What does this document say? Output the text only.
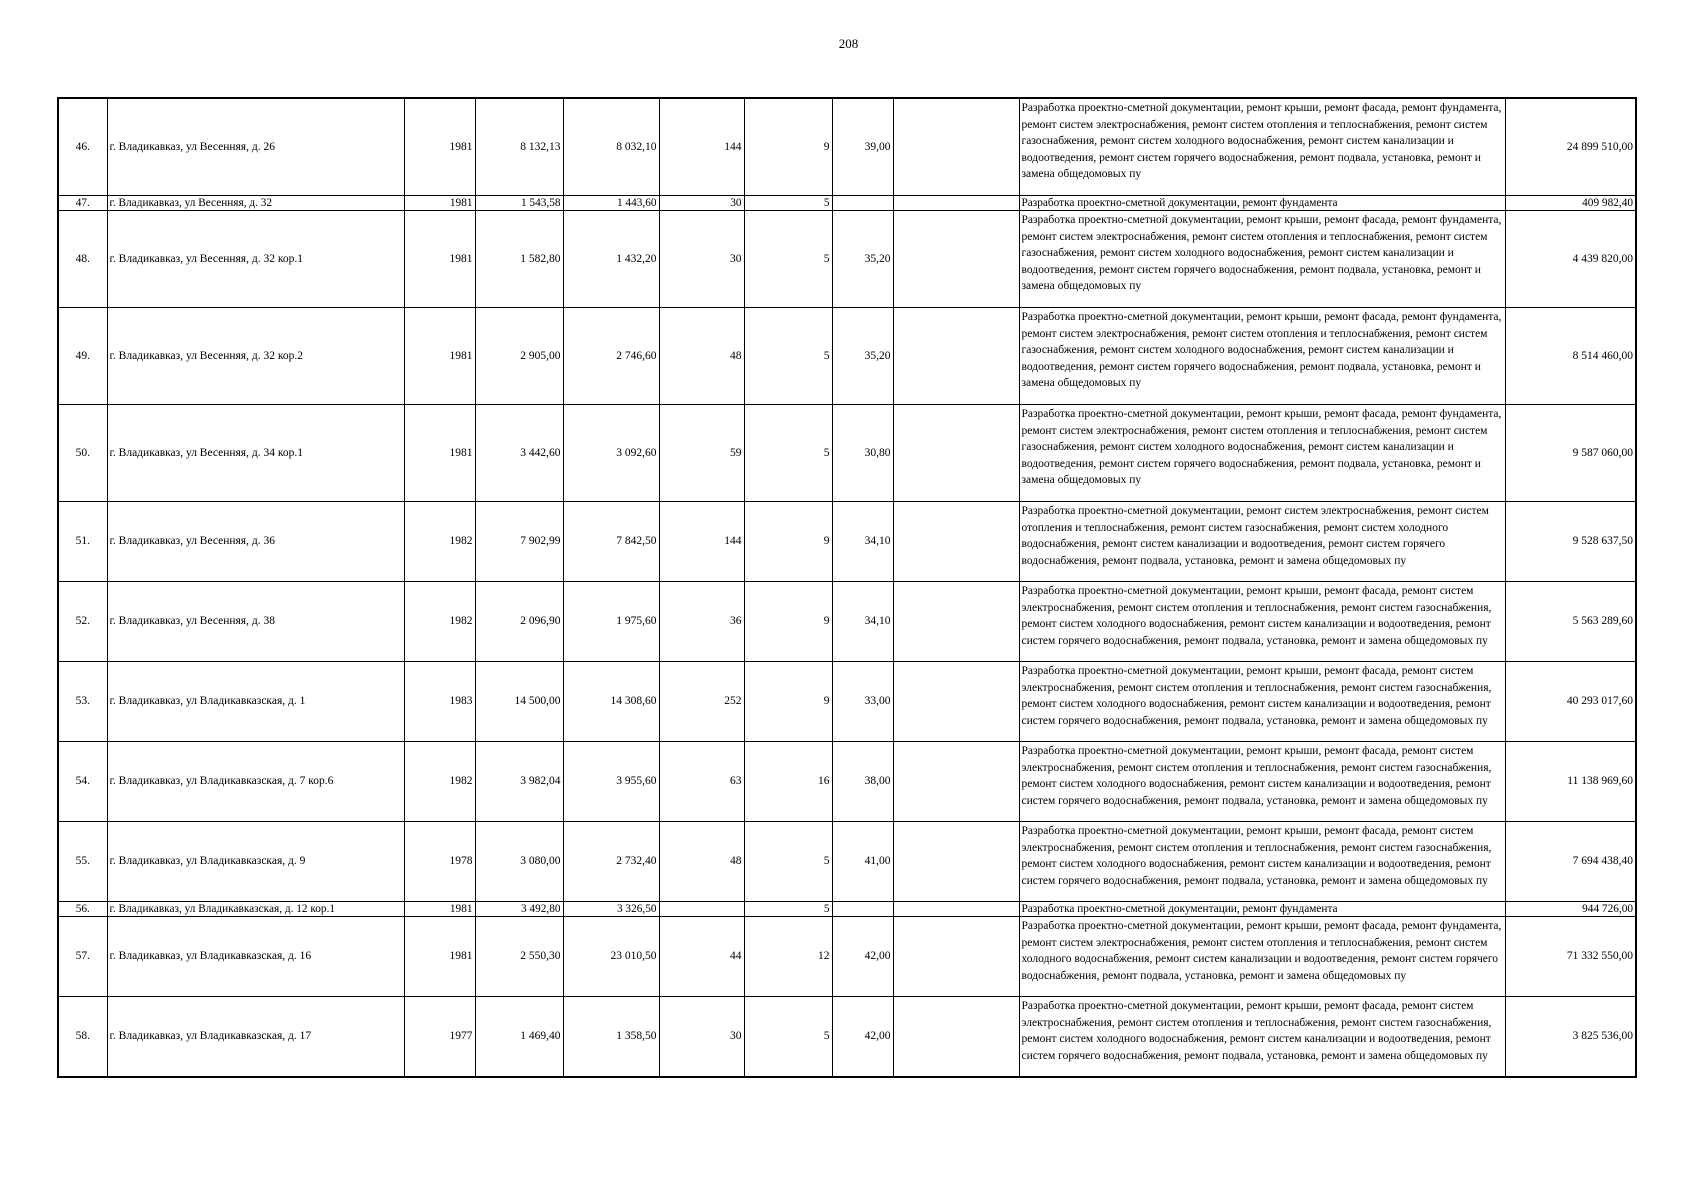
208
46.	г. Владикавказ, ул Весенняя, д. 26	1981	8 132,13	8 032,10	144	9	39,00		Разработка проектно-сметной документации, ремонт крыши, ремонт фасада, ремонт фундамента, ремонт систем электроснабжения, ремонт систем отопления и теплоснабжения, ремонт систем газоснабжения, ремонт систем холодного водоснабжения, ремонт систем канализации и водоотведения, ремонт систем горячего водоснабжения, ремонт подвала, установка, ремонт и замена общедомовых пу	24 899 510,00
47.	г. Владикавказ, ул Весенняя, д. 32	1981	1 543,58	1 443,60	30	5			Разработка проектно-сметной документации, ремонт фундамента	409 982,40
48.	г. Владикавказ, ул Весенняя, д. 32 кор.1	1981	1 582,80	1 432,20	30	5	35,20		Разработка проектно-сметной документации, ремонт крыши, ремонт фасада, ремонт фундамента, ремонт систем электроснабжения, ремонт систем отопления и теплоснабжения, ремонт систем газоснабжения, ремонт систем холодного водоснабжения, ремонт систем канализации и водоотведения, ремонт систем горячего водоснабжения, ремонт подвала, установка, ремонт и замена общедомовых пу	4 439 820,00
49.	г. Владикавказ, ул Весенняя, д. 32 кор.2	1981	2 905,00	2 746,60	48	5	35,20		Разработка проектно-сметной документации, ремонт крыши, ремонт фасада, ремонт фундамента, ремонт систем электроснабжения, ремонт систем отопления и теплоснабжения, ремонт систем газоснабжения, ремонт систем холодного водоснабжения, ремонт систем канализации и водоотведения, ремонт систем горячего водоснабжения, ремонт подвала, установка, ремонт и замена общедомовых пу	8 514 460,00
50.	г. Владикавказ, ул Весенняя, д. 34 кор.1	1981	3 442,60	3 092,60	59	5	30,80		Разработка проектно-сметной документации, ремонт крыши, ремонт фасада, ремонт фундамента, ремонт систем электроснабжения, ремонт систем отопления и теплоснабжения, ремонт систем газоснабжения, ремонт систем холодного водоснабжения, ремонт систем канализации и водоотведения, ремонт систем горячего водоснабжения, ремонт подвала, установка, ремонт и замена общедомовых пу	9 587 060,00
51.	г. Владикавказ, ул Весенняя, д. 36	1982	7 902,99	7 842,50	144	9	34,10		Разработка проектно-сметной документации, ремонт систем электроснабжения, ремонт систем отопления и теплоснабжения, ремонт систем газоснабжения, ремонт систем холодного водоснабжения, ремонт систем канализации и водоотведения, ремонт систем горячего водоснабжения, ремонт подвала, установка, ремонт и замена общедомовых пу	9 528 637,50
52.	г. Владикавказ, ул Весенняя, д. 38	1982	2 096,90	1 975,60	36	9	34,10		Разработка проектно-сметной документации, ремонт крыши, ремонт фасада, ремонт систем электроснабжения, ремонт систем отопления и теплоснабжения, ремонт систем газоснабжения, ремонт систем холодного водоснабжения, ремонт систем канализации и водоотведения, ремонт систем горячего водоснабжения, ремонт подвала, установка, ремонт и замена общедомовых пу	5 563 289,60
53.	г. Владикавказ, ул Владикавказская, д. 1	1983	14 500,00	14 308,60	252	9	33,00		Разработка проектно-сметной документации, ремонт крыши, ремонт фасада, ремонт систем электроснабжения, ремонт систем отопления и теплоснабжения, ремонт систем газоснабжения, ремонт систем холодного водоснабжения, ремонт систем канализации и водоотведения, ремонт систем горячего водоснабжения, ремонт подвала, установка, ремонт и замена общедомовых пу	40 293 017,60
54.	г. Владикавказ, ул Владикавказская, д. 7 кор.6	1982	3 982,04	3 955,60	63	16	38,00		Разработка проектно-сметной документации, ремонт крыши, ремонт фасада, ремонт систем электроснабжения, ремонт систем отопления и теплоснабжения, ремонт систем газоснабжения, ремонт систем холодного водоснабжения, ремонт систем канализации и водоотведения, ремонт систем горячего водоснабжения, ремонт подвала, установка, ремонт и замена общедомовых пу	11 138 969,60
55.	г. Владикавказ, ул Владикавказская, д. 9	1978	3 080,00	2 732,40	48	5	41,00		Разработка проектно-сметной документации, ремонт крыши, ремонт фасада, ремонт систем электроснабжения, ремонт систем отопления и теплоснабжения, ремонт систем газоснабжения, ремонт систем холодного водоснабжения, ремонт систем канализации и водоотведения, ремонт систем горячего водоснабжения, ремонт подвала, установка, ремонт и замена общедомовых пу	7 694 438,40
56.	г. Владикавказ, ул Владикавказская, д. 12 кор.1	1981	3 492,80	3 326,50		5			Разработка проектно-сметной документации, ремонт фундамента	944 726,00
57.	г. Владикавказ, ул Владикавказская, д. 16	1981	2 550,30	23 010,50	44	12	42,00		Разработка проектно-сметной документации, ремонт крыши, ремонт фасада, ремонт фундамента, ремонт систем электроснабжения, ремонт систем отопления и теплоснабжения, ремонт систем холодного водоснабжения, ремонт систем канализации и водоотведения, ремонт систем горячего водоснабжения, ремонт подвала, установка, ремонт и замена общедомовых пу	71 332 550,00
58.	г. Владикавказ, ул Владикавказская, д. 17	1977	1 469,40	1 358,50	30	5	42,00		Разработка проектно-сметной документации, ремонт крыши, ремонт фасада, ремонт систем электроснабжения, ремонт систем отопления и теплоснабжения, ремонт систем газоснабжения, ремонт систем холодного водоснабжения, ремонт систем канализации и водоотведения, ремонт систем горячего водоснабжения, ремонт подвала, установка, ремонт и замена общедомовых пу	3 825 536,00
